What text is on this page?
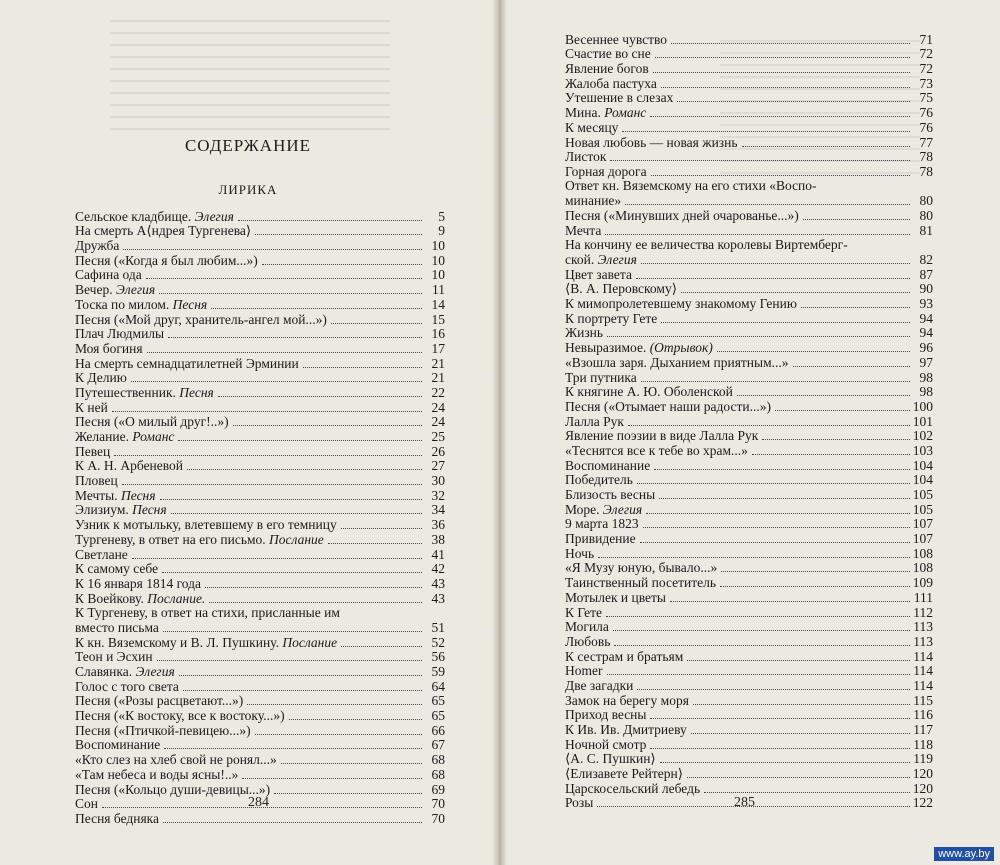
СОДЕРЖАНИЕ
ЛИРИКА
Сельское кладбище. Элегия	5
На смерть А⟨ндрея Тургенева⟩	9
Дружба	10
Песня («Когда я был любим...»)	10
Сафина ода	10
Вечер. Элегия	11
Тоска по милом. Песня	14
Песня («Мой друг, хранитель-ангел мой...»)	15
Плач Людмилы	16
Моя богиня	17
На смерть семнадцатилетней Эрминии	21
К Делию	21
Путешественник. Песня	22
К ней	24
Песня («О милый друг!..»)	24
Желание. Романс	25
Певец	26
К А. Н. Арбеневой	27
Пловец	30
Мечты. Песня	32
Элизиум. Песня	34
Узник к мотыльку, влетевшему в его темницу	36
Тургеневу, в ответ на его письмо. Послание	38
Светлане	41
К самому себе	42
К 16 января 1814 года	43
К Воейкову. Послание.	43
К Тургеневу, в ответ на стихи, присланные им
вместо письма	51
К кн. Вяземскому и В. Л. Пушкину. Послание	52
Теон и Эсхин	56
Славянка. Элегия	59
Голос с того света	64
Песня («Розы расцветают...»)	65
Песня («К востоку, все к востоку...»)	65
Песня («Птичкой-певицею...»)	66
Воспоминание	67
«Кто слез на хлеб свой не ронял...»	68
«Там небеса и воды ясны!..»	68
Песня («Кольцо души-девицы...»)	69
Сон	70
Песня бедняка	70
Весеннее чувство	71
Счастие во сне	72
Явление богов	72
Жалоба пастуха	73
Утешение в слезах	75
Мина. Романс	76
К месяцу	76
Новая любовь — новая жизнь	77
Листок	78
Горная дорога	78
Ответ кн. Вяземскому на его стихи «Воспо-
минание»	80
Песня («Минувших дней очарованье...»)	80
Мечта	81
На кончину ее величества королевы Виртемберг-
ской. Элегия	82
Цвет завета	87
⟨В. А. Перовскому⟩	90
К мимопролетевшему знакомому Гению	93
К портрету Гете	94
Жизнь	94
Невыразимое. (Отрывок)	96
«Взошла заря. Дыханием приятным...»	97
Три путника	98
К княгине А. Ю. Оболенской	98
Песня («Отымает наши радости...»)	100
Лалла Рук	101
Явление поэзии в виде Лалла Рук	102
«Теснятся все к тебе во храм...»	103
Воспоминание	104
Победитель	104
Близость весны	105
Море. Элегия	105
9 марта 1823	107
Привидение	107
Ночь	108
«Я Музу юную, бывало...»	108
Таинственный посетитель	109
Мотылек и цветы	111
К Гете	112
Могила	113
Любовь	113
К сестрам и братьям	114
Homer	114
Две загадки	114
Замок на берегу моря	115
Приход весны	116
К Ив. Ив. Дмитриеву	117
Ночной смотр	118
⟨А. С. Пушкин⟩	119
⟨Елизавете Рейтерн⟩	120
Царскосельский лебедь	120
Розы	122
284	285
www.ay.by
